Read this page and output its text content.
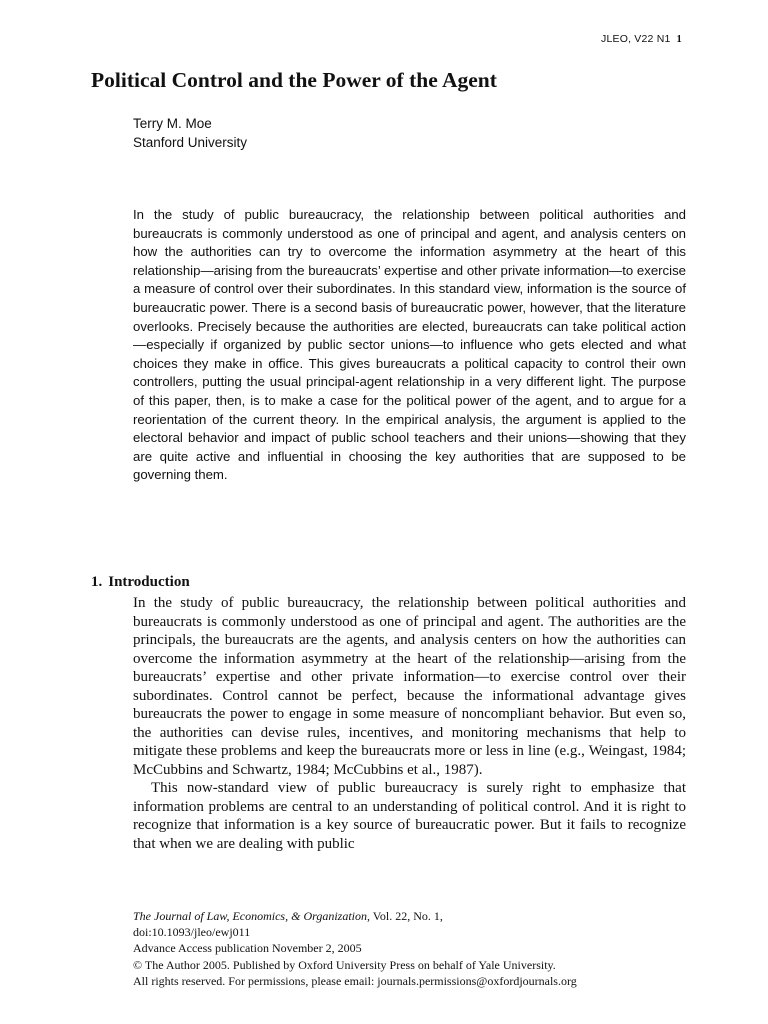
JLEO, V22 N1 1
Political Control and the Power of the Agent
Terry M. Moe
Stanford University

In the study of public bureaucracy, the relationship between political authorities and bureaucrats is commonly understood as one of principal and agent, and analysis centers on how the authorities can try to overcome the information asymmetry at the heart of this relationship—arising from the bureaucrats’ expertise and other private information—to exercise a measure of control over their subordinates. In this standard view, information is the source of bureaucratic power. There is a second basis of bureaucratic power, however, that the literature overlooks. Precisely because the authorities are elected, bureaucrats can take political action—especially if organized by public sector unions—to influence who gets elected and what choices they make in office. This gives bureaucrats a political capacity to control their own controllers, putting the usual principal-agent relationship in a very different light. The purpose of this paper, then, is to make a case for the political power of the agent, and to argue for a reorientation of the current theory. In the empirical analysis, the argument is applied to the electoral behavior and impact of public school teachers and their unions—showing that they are quite active and influential in choosing the key authorities that are supposed to be governing them.

1. Introduction

In the study of public bureaucracy, the relationship between political authorities and bureaucrats is commonly understood as one of principal and agent. The authorities are the principals, the bureaucrats are the agents, and analysis centers on how the authorities can overcome the information asymmetry at the heart of the relationship—arising from the bureaucrats’ expertise and other private information—to exercise control over their subordinates. Control cannot be perfect, because the informational advantage gives bureaucrats the power to engage in some measure of noncompliant behavior. But even so, the authorities can devise rules, incentives, and monitoring mechanisms that help to mitigate these problems and keep the bureaucrats more or less in line (e.g., Weingast, 1984; McCubbins and Schwartz, 1984; McCubbins et al., 1987).

This now-standard view of public bureaucracy is surely right to emphasize that information problems are central to an understanding of political control. And it is right to recognize that information is a key source of bureaucratic power. But it fails to recognize that when we are dealing with public

The Journal of Law, Economics, & Organization, Vol. 22, No. 1,
doi:10.1093/jleo/ewj011
Advance Access publication November 2, 2005
© The Author 2005. Published by Oxford University Press on behalf of Yale University.
All rights reserved. For permissions, please email: journals.permissions@oxfordjournals.org
